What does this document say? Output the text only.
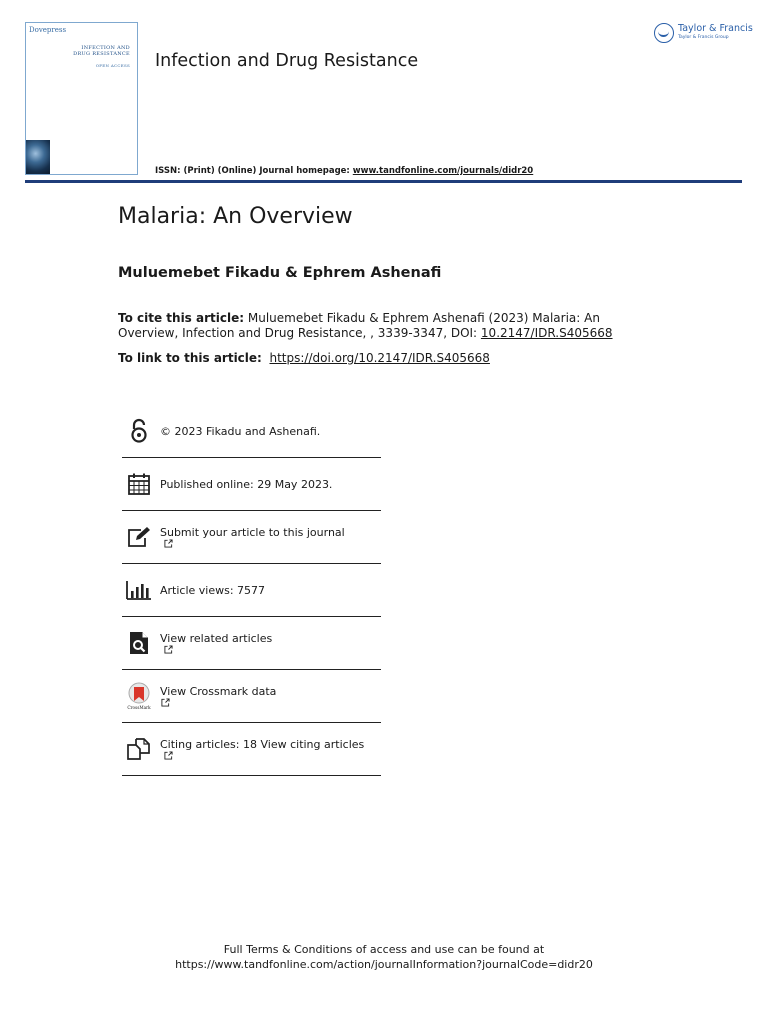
Dovepress
INFECTION AND
DRUG RESISTANCE
OPEN ACCESS Infection and Drug Resistance
ISSN: (Print) (Online) Journal homepage: www.tandfonline.com/journals/didr20
Taylor & Francis
Taylor & Francis Group
Malaria: An Overview
Muluemebet Fikadu & Ephrem Ashenafi
To cite this article: Muluemebet Fikadu & Ephrem Ashenafi (2023) Malaria: An Overview, Infection and Drug Resistance, , 3339-3347, DOI: 10.2147/IDR.S405668
To link to this article: https://doi.org/10.2147/IDR.S405668
© 2023 Fikadu and Ashenafi.
Published online: 29 May 2023.
Submit your article to this journal
Article views: 7577
View related articles
CrossMark
View Crossmark data
Citing articles: 18 View citing articles
Full Terms & Conditions of access and use can be found at
https://www.tandfonline.com/action/journalInformation?journalCode=didr20
